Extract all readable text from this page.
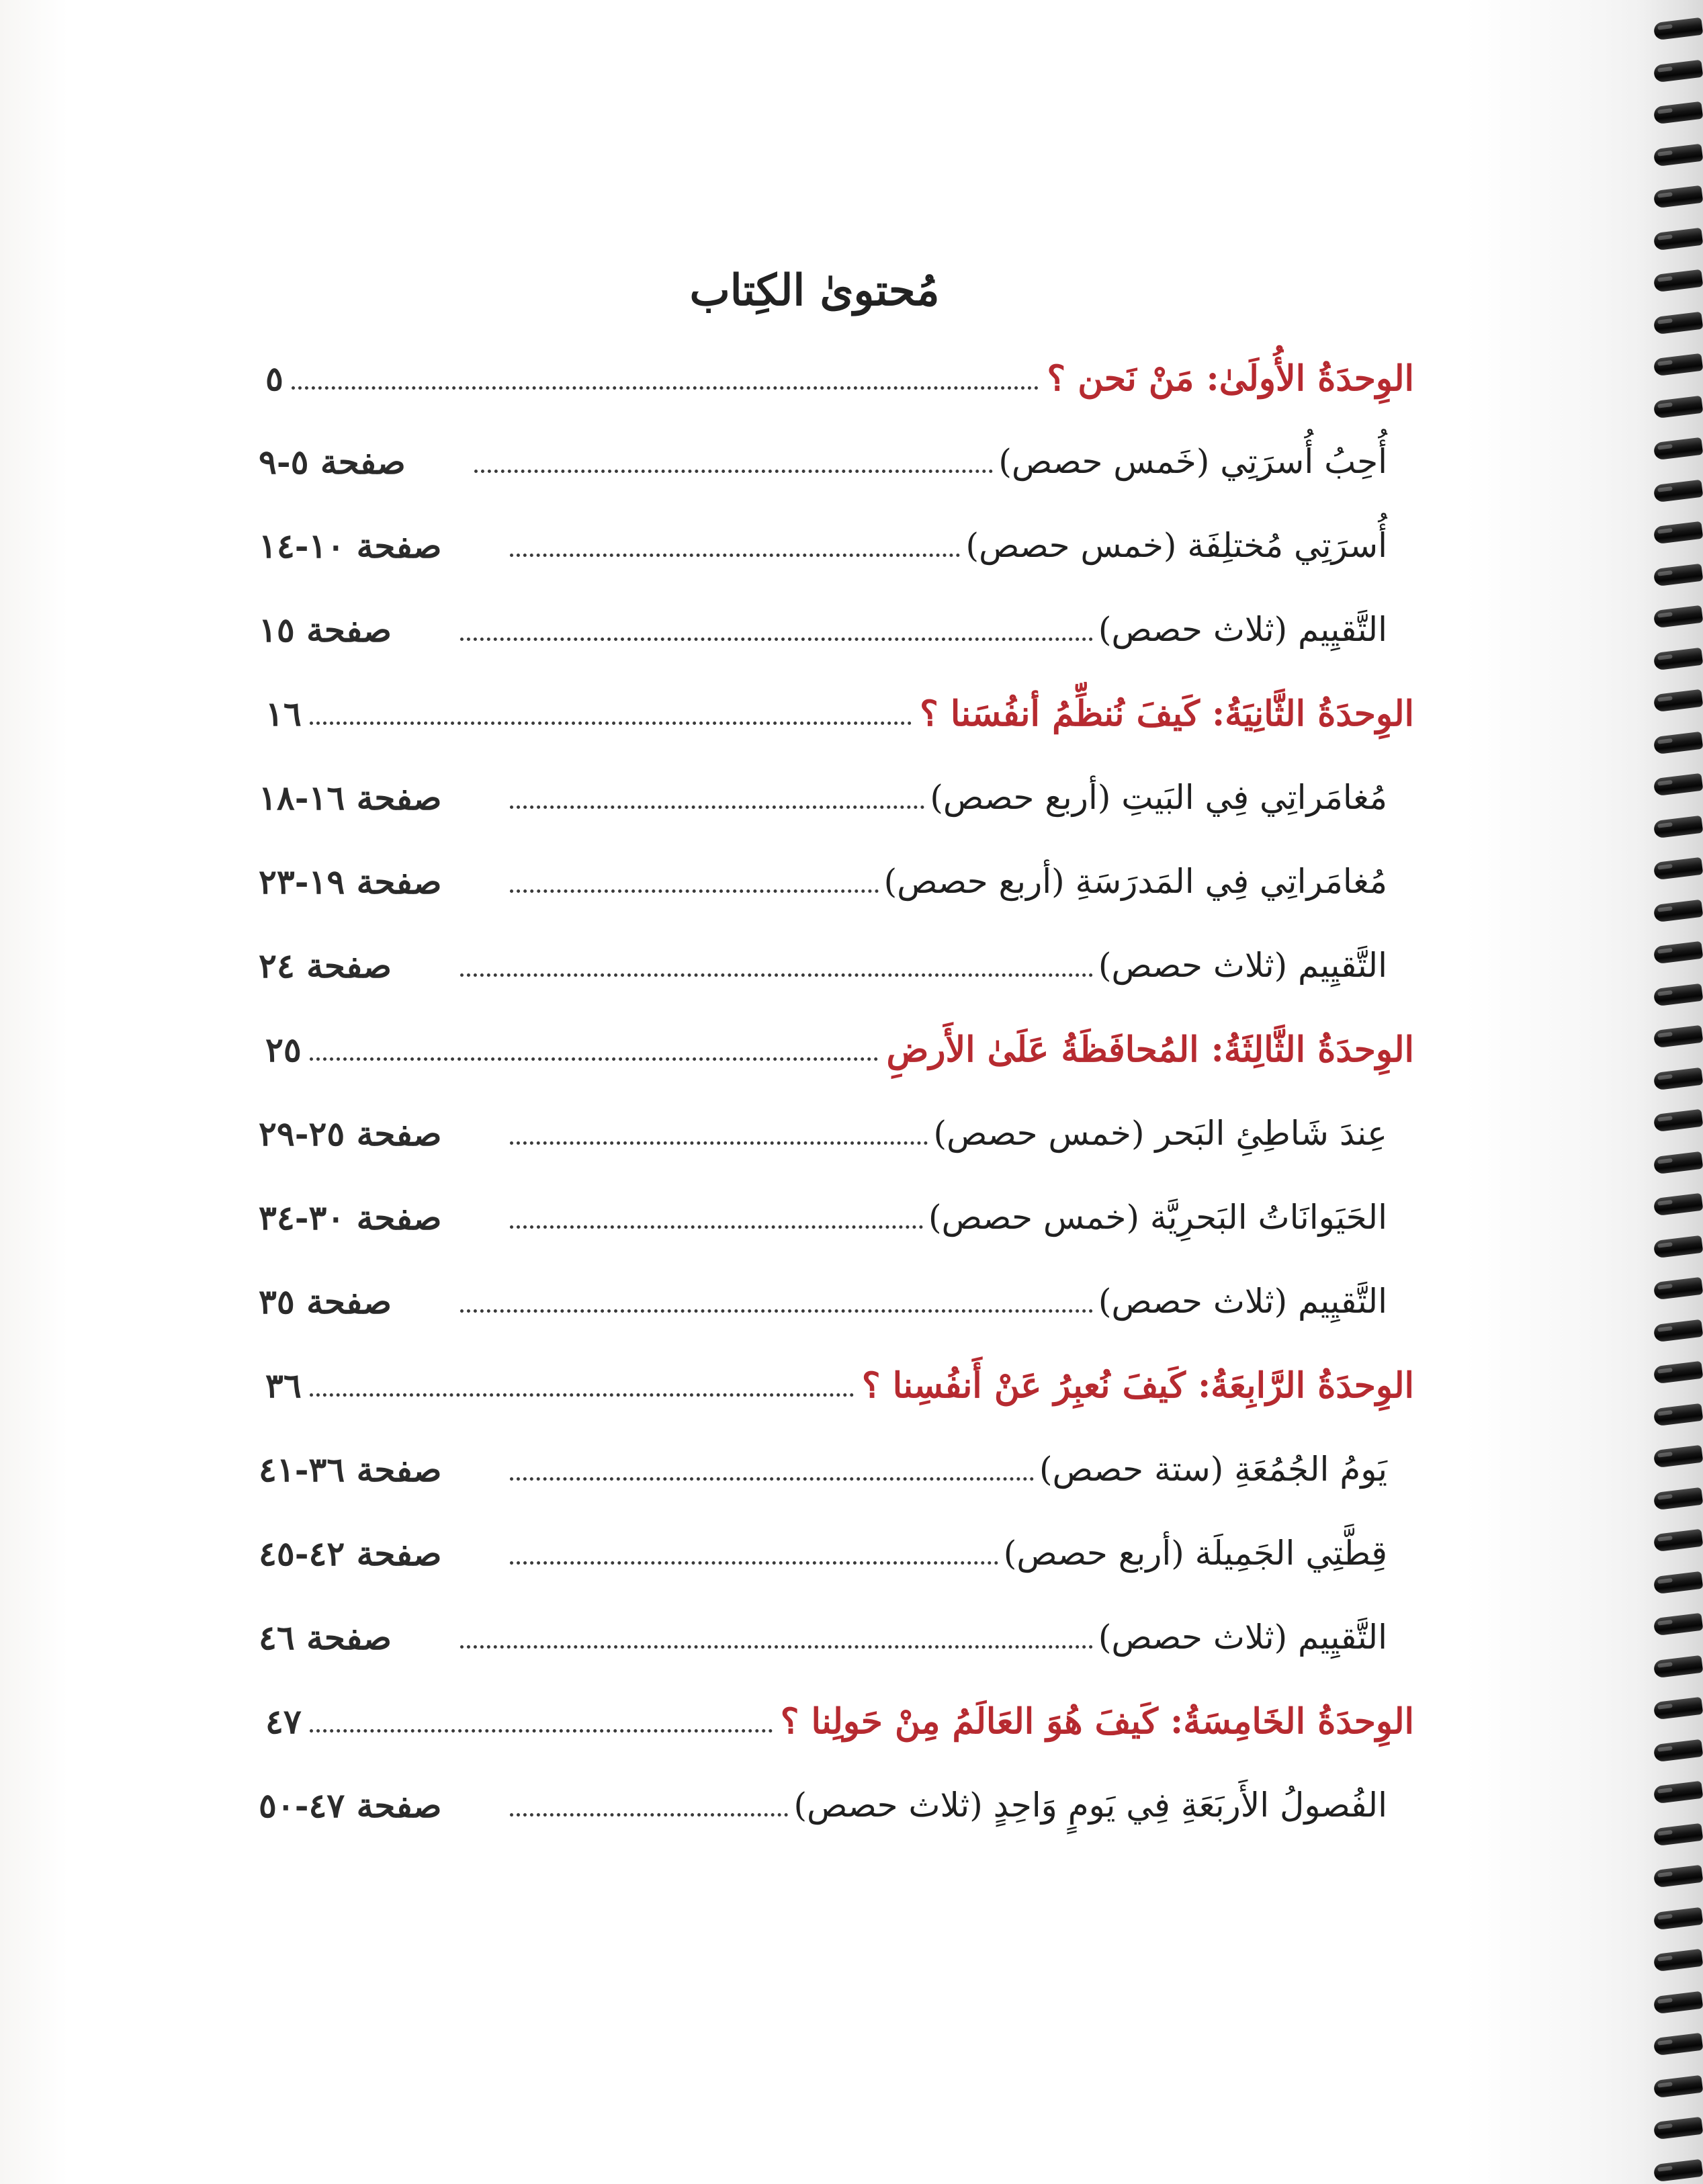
مُحتوىٰ الكِتاب
الوِحدَةُ الأُولَىٰ: مَنْ نَحن ؟
٥
أُحِبُ أُسرَتِي (خَمس حصص)
صفحة ٥-٩
أُسرَتِي مُختلِفَة (خمس حصص)
صفحة ١٠-١٤
التَّقيِيم (ثلاث حصص)
صفحة ١٥
الوِحدَةُ الثَّانِيَةُ: كَيفَ نُنظِّمُ أنفُسَنا ؟
١٦
مُغامَراتِي فِي البَيتِ (أربع حصص)
صفحة ١٦-١٨
مُغامَراتِي فِي المَدرَسَةِ (أربع حصص)
صفحة ١٩-٢٣
التَّقيِيم (ثلاث حصص)
صفحة ٢٤
الوِحدَةُ الثَّالِثَةُ: المُحافَظَةُ عَلَىٰ الأَرضِ
٢٥
عِندَ شَاطِئِ البَحر (خمس حصص)
صفحة ٢٥-٢٩
الحَيَوانَاتُ البَحرِيَّة (خمس حصص)
صفحة ٣٠-٣٤
التَّقيِيم (ثلاث حصص)
صفحة ٣٥
الوِحدَةُ الرَّابِعَةُ: كَيفَ نُعبِرُ عَنْ أَنفُسِنا ؟
٣٦
يَومُ الجُمُعَةِ (ستة حصص)
صفحة ٣٦-٤١
قِطَّتِي الجَمِيلَة (أربع حصص)
صفحة ٤٢-٤٥
التَّقيِيم (ثلاث حصص)
صفحة ٤٦
الوِحدَةُ الخَامِسَةُ: كَيفَ هُوَ العَالَمُ مِنْ حَولِنا ؟
٤٧
الفُصولُ الأَربَعَةِ فِي يَومٍ وَاحِدٍ (ثلاث حصص)
صفحة ٤٧-٥٠
